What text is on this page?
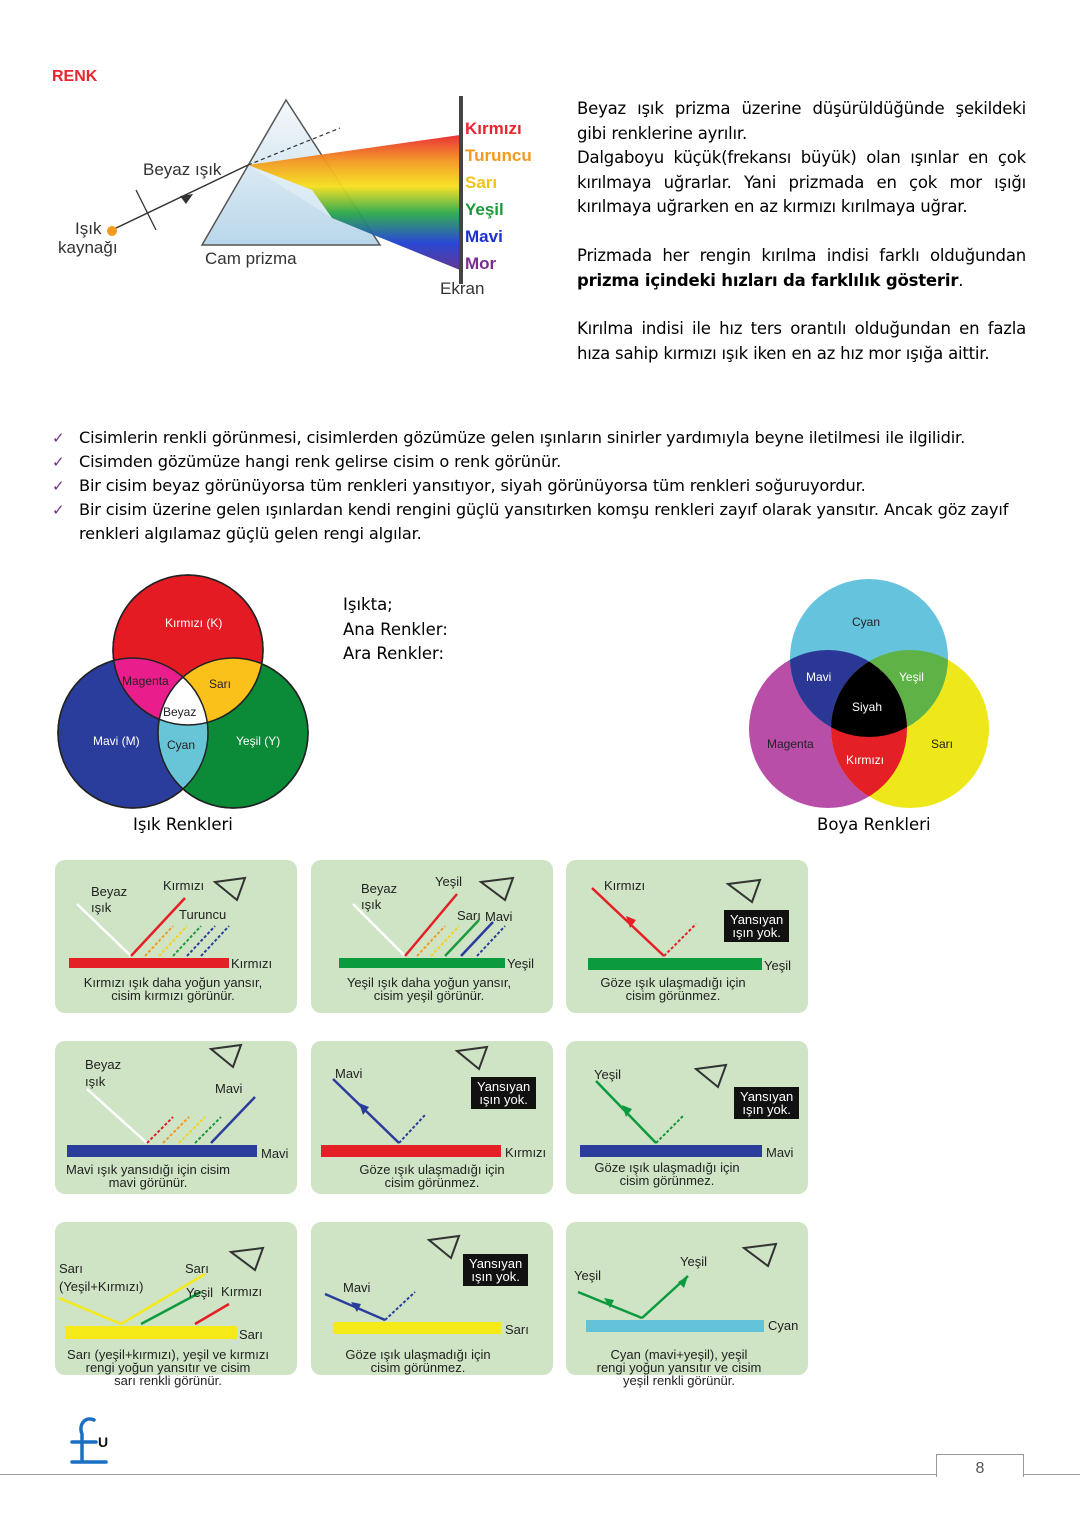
RENK
Beyaz ışık
Işık
kaynağı
Cam prizma
Ekran
Kırmızı
Turuncu
Sarı
Yeşil
Mavi
Mor
Beyaz ışık prizma üzerine düşürüldüğünde şekildeki gibi renklerine ayrılır.
Dalgaboyu küçük(frekansı büyük) olan ışınlar en çok kırılmaya uğrarlar. Yani prizmada en çok mor ışığı kırılmaya uğrarken en az kırmızı kırılmaya uğrar.
Prizmada her rengin kırılma indisi farklı olduğundan prizma içindeki hızları da farklılık gösterir.
Kırılma indisi ile hız ters orantılı olduğundan en fazla hıza sahip kırmızı ışık iken en az hız mor ışığa aittir.
✓ Cisimlerin renkli görünmesi, cisimlerden gözümüze gelen ışınların sinirler yardımıyla beyne iletilmesi ile ilgilidir.
✓ Cisimden gözümüze hangi renk gelirse cisim o renk görünür.
✓ Bir cisim beyaz görünüyorsa tüm renkleri yansıtıyor, siyah görünüyorsa tüm renkleri soğuruyordur.
✓ Bir cisim üzerine gelen ışınlardan kendi rengini güçlü yansıtırken komşu renkleri zayıf olarak yansıtır. Ancak göz zayıf renkleri algılamaz güçlü gelen rengi algılar.
Kırmızı (K)
Mavi (M)	Yeşil (Y)
Magenta	Sarı
Beyaz
Cyan
Işık Renkleri
Işıkta;
Ana Renkler:
Ara Renkler:
Cyan
Mavi	Yeşil
Siyah
Magenta	Sarı
Kırmızı
Boya Renkleri
Beyaz
ışık
Kırmızı
Turuncu
Kırmızı
Kırmızı ışık daha yoğun yansır,
cisim kırmızı görünür.
Beyaz
ışık
Yeşil
Sarı Mavi
Yeşil
Yeşil ışık daha yoğun yansır,
cisim yeşil görünür.
Kırmızı
Yansıyan
ışın yok.
Yeşil
Göze ışık ulaşmadığı için
cisim görünmez.
Beyaz
ışık	Mavi
Mavi
Mavi ışık yansıdığı için cisim
mavi görünür.
Mavi
Yansıyan
ışın yok.
Kırmızı
Göze ışık ulaşmadığı için
cisim görünmez.
Yeşil
Yansıyan
ışın yok.
Mavi
Göze ışık ulaşmadığı için
cisim görünmez.
Sarı
(Yeşil+Kırmızı)
Sarı
Yeşil Kırmızı
Sarı
Sarı (yeşil+kırmızı), yeşil ve kırmızı
rengi yoğun yansıtır ve cisim
sarı renkli görünür.
Mavi
Yansıyan
ışın yok.
Sarı
Göze ışık ulaşmadığı için
cisim görünmez.
Yeşil
Yeşil
Cyan
Cyan (mavi+yeşil), yeşil
rengi yoğun yansıtır ve cisim
yeşil renkli görünür.
U
8
